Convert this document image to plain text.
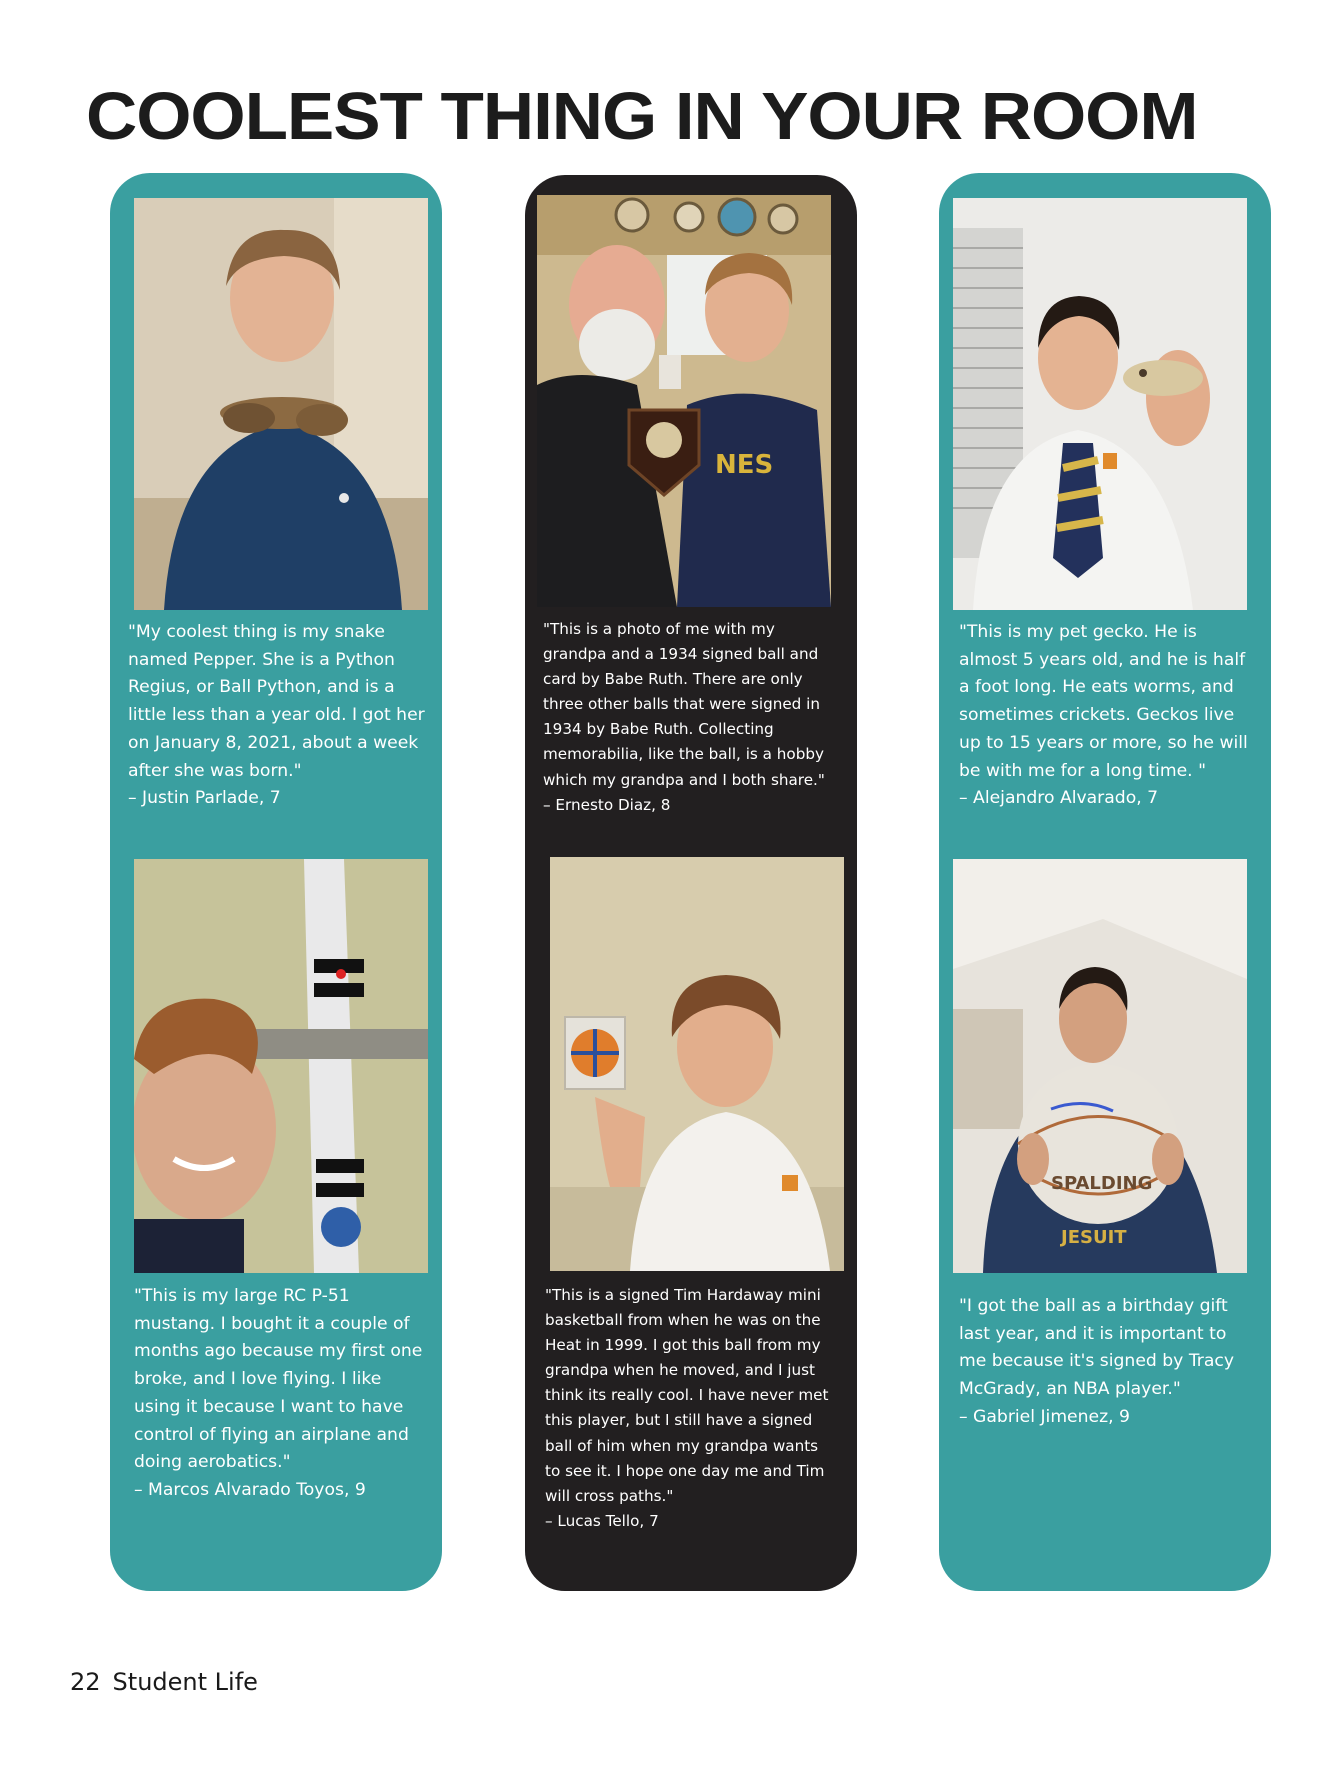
COOLEST THING IN YOUR ROOM

"My coolest thing is my snake named Pepper. She is a Python Regius, or Ball Python, and is a little less than a year old. I got her on January 8, 2021, about a week after she was born."

– Justin Parlade, 7

"This is my large RC P-51 mustang. I bought it a couple of months ago because my first one broke, and I love flying. I like using it because I want to have control of flying an airplane and doing aerobatics."

– Marcos Alvarado Toyos, 9

NES

"This is a photo of me with my grandpa and a 1934 signed ball and card by Babe Ruth. There are only three other balls that were signed in 1934 by Babe Ruth. Collecting memorabilia, like the ball, is a hobby which my grandpa and I both share."

– Ernesto Diaz, 8

"This is a signed Tim Hardaway mini basketball from when he was on the Heat in 1999. I got this ball from my grandpa when he moved, and I just think its really cool. I have never met this player, but I still have a signed ball of him when my grandpa wants to see it. I hope one day me and Tim will cross paths."

– Lucas Tello, 7

"This is my pet gecko. He is almost 5 years old, and he is half a foot long. He eats worms, and sometimes crickets. Geckos live up to 15 years or more, so he will be with me for a long time. "

– Alejandro Alvarado, 7

SPALDING
JESUIT

"I got the ball as a birthday gift last year, and it is important to me because it's signed by Tracy McGrady, an NBA player."

– Gabriel Jimenez, 9

22 Student Life
